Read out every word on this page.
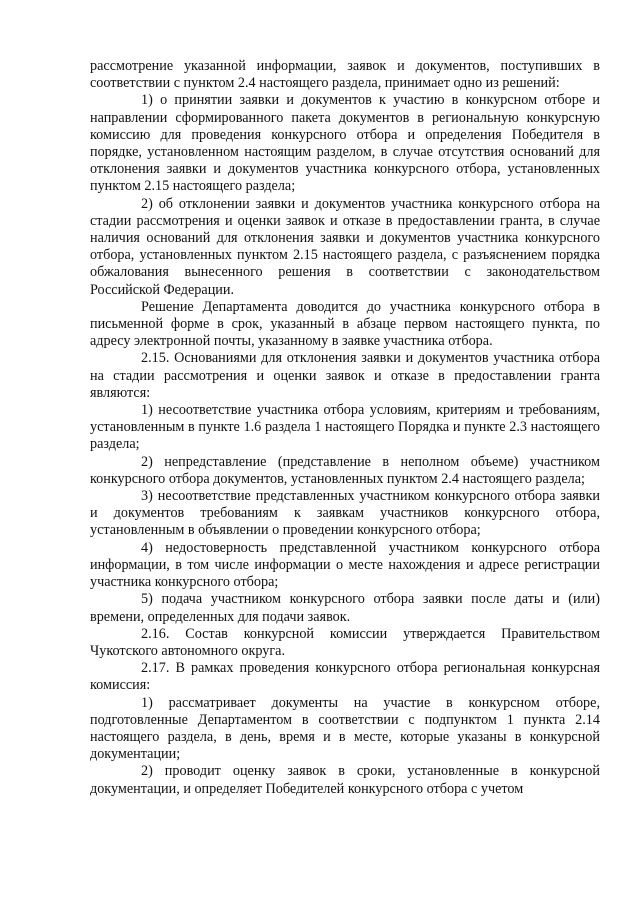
рассмотрение указанной информации, заявок и документов, поступивших в соответствии с пунктом 2.4 настоящего раздела, принимает одно из решений:

1) о принятии заявки и документов к участию в конкурсном отборе и направлении сформированного пакета документов в региональную конкурсную комиссию для проведения конкурсного отбора и определения Победителя в порядке, установленном настоящим разделом, в случае отсутствия оснований для отклонения заявки и документов участника конкурсного отбора, установленных пунктом 2.15 настоящего раздела;

2) об отклонении заявки и документов участника конкурсного отбора на стадии рассмотрения и оценки заявок и отказе в предоставлении гранта, в случае наличия оснований для отклонения заявки и документов участника конкурсного отбора, установленных пунктом 2.15 настоящего раздела, с разъяснением порядка обжалования вынесенного решения в соответствии с законодательством Российской Федерации.

Решение Департамента доводится до участника конкурсного отбора в письменной форме в срок, указанный в абзаце первом настоящего пункта, по адресу электронной почты, указанному в заявке участника отбора.

2.15. Основаниями для отклонения заявки и документов участника отбора на стадии рассмотрения и оценки заявок и отказе в предоставлении гранта являются:

1) несоответствие участника отбора условиям, критериям и требованиям, установленным в пункте 1.6 раздела 1 настоящего Порядка и пункте 2.3 настоящего раздела;

2) непредставление (представление в неполном объеме) участником конкурсного отбора документов, установленных пунктом 2.4 настоящего раздела;

3) несоответствие представленных участником конкурсного отбора заявки и документов требованиям к заявкам участников конкурсного отбора, установленным в объявлении о проведении конкурсного отбора;

4) недостоверность представленной участником конкурсного отбора информации, в том числе информации о месте нахождения и адресе регистрации участника конкурсного отбора;

5) подача участником конкурсного отбора заявки после даты и (или) времени, определенных для подачи заявок.

2.16. Состав конкурсной комиссии утверждается Правительством Чукотского автономного округа.

2.17. В рамках проведения конкурсного отбора региональная конкурсная комиссия:

1) рассматривает документы на участие в конкурсном отборе, подготовленные Департаментом в соответствии с подпунктом 1 пункта 2.14 настоящего раздела, в день, время и в месте, которые указаны в конкурсной документации;

2) проводит оценку заявок в сроки, установленные в конкурсной документации, и определяет Победителей конкурсного отбора с учетом
